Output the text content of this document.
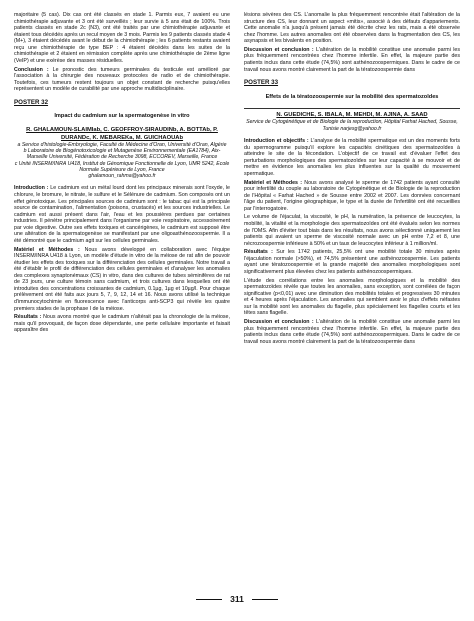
majoritaire (5 cas). Dix cas ont été classés en stade 1. Parmis eux, 7 avaient eu une chimiothérapie adjuvante et 3 ont été surveillés ; leur survie à 5 ans était de 100%. Trois patients classés en stade 2c (N3), ont été traités par une chimiothérapie adjuvante et étaient tous décédés après un recul moyen de 3 mois. Parmis les 9 patients classés stade 4 (M+), 3 étaient décédés avant le début de la chimiothérapie ; les 6 patients restants avaient reçu une chimiothérapie de type BEP : 4 étaient décédés dans les suites de la chimiothérapie et 2 étaient en rémission complète après une chimiothérapie de 2ème ligne (VeIP) et une exérèse des masses résiduelles.

Conclusion : Le pronostic des tumeurs germinales du testicule est amélioré par l'association à la chirurgie des nouveaux protocoles de radio et de chimiothérapie. Toutefois, ces tumeurs restent toujours un objet constant de recherche puisqu'elles représentent un modèle de curabilité par une approche multidisciplinaire.

POSTER 32
Impact du cadmium sur la spermatogenèse in vitro
R. GHALAMOUN-SLAIMIab, C. GEOFFROY-SIRAUDINb, A. BOTTAb, P. DURANDc, K. MEBAREKa, M. GUICHAOUAb

a Service d'histologie-Embryologie, Faculté de Médecine d'Oran, Université d'Oran, Algérie

b Laboratoire de Biogénotoxicologie et Mutagenèse Environnementale (EA1784), Aix-Marseille Université, Fédération de Recherche 3098, ECCOREV, Marseille, France

c Unité INSERM/INRA U418, Institut de Génomique Fonctionnelle de Lyon, UMR 5242, Ecole Normale Supérieure de Lyon, France

ghalamoun_rahma@yahoo.fr

Introduction : Le cadmium est un métal lourd dont les principaux minerais sont l'oxyde, le chlorure, le bromure, le nitrate, le sulfure et le Sélénure de cadmium. Son composés ont un effet génotoxique. Les principales sources de cadmium sont : le tabac qui est la principale source de contamination, l'alimentation (poisons, crustacés) et les sources industrielles. Le cadmium est aussi présent dans l'air, l'eau et les poussières perdues par certaines industries. Il pénètre principalement dans l'organisme par voie respiratoire, accessoirement par voie digestive. Outre ses effets toxiques et cancérigènes, le cadmium est supposé être une altération de la spermatogenèse se manifestant par une oligoasthénozoospermie. Il a été démontré que le cadmium agit sur les cellules germinales.

Matériel et Méthodes : Nous avons développé en collaboration avec l'équipe INSERM/INRA U418 à Lyon, un modèle d'étude in vitro de la méiose de rat afin de pouvoir étudier les effets des toxiques sur la différenciation des cellules germinales. Notre travail a été d'établir le profil de différenciation des cellules germinales et d'analyser les anomalies des complexes synaptonémaux (CS) in vitro, dans des cultures de tubes séminifères de rat de 23 jours, une culture témoin sans cadmium, et trois cultures dans lesquelles ont été introduites des concentrations croissantes de cadmium, 0.1µg, 1µg et 10µg/l. Pour chaque prélèvement ont été faits aux jours 5, 7, 9, 12, 14 et 16. Nous avons utilisé la technique d'immunocytochimie en fluorescence avec l'anticorps anti-SCP3 qui révèle les quatre premiers stades de la prophase I de la méiose.

Résultats : Nous avons montré que le cadmium n'altérait pas la chronologie de la méiose, mais qu'il provoquait, de façon dose dépendante, une perte cellulaire importante et faisait apparaître des

lésions sévères des CS. L'anomalie la plus fréquemment rencontrée était l'altération de la structure des CS, leur donnant un aspect «mitis», associé à des défauts d'appariements. Cette anomalie n'a jusqu'à présent jamais été décrite chez les rats, mais a été observée chez l'homme. Les autres anomalies ont été observées dans la fragmentation des CS, les asynapsis et les bivalents en position.

Discussion et conclusion : L'altération de la mobilité constitue une anomalie parmi les plus fréquemment rencontrées chez l'homme infertile. En effet, la majeure partie des patients inclus dans cette étude (74,5%) sont asthénozoospermiques. Dans le cadre de ce travail nous avons montré clairement la part de la tératozoospermie dans

POSTER 33
Effets de la tératozoospermie sur la mobilité des spermatozoïdes
N. GUEDICHE, S. IBALA, M. MEHDI, M. AJINA, A. SAAD

Service de Cytogénétique et de Biologie de la reproduction, Hôpital Farhat Hached, Sousse, Tunisie narjesg@yahoo.fr

Introduction et objectifs : L'analyse de la mobilité spermatique est un des moments forts du spermogramme puisqu'il explore les capacités cinétiques des spermatozoïdes à atteindre le site de la fécondation. L'objectif de ce travail est d'évaluer l'effet des perturbations morphologiques des spermatozoïdes sur leur capacité à se mouvoir et de mettre en évidence les anomalies les plus influentes sur la qualité du mouvement spermatique.

Matériel et Méthodes : Nous avons analysé le sperme de 1742 patients ayant consulté pour infertilité du couple au laboratoire de Cytogénétique et de Biologie de la reproduction de l'Hôpital « Farhat Hached » de Sousse entre 2002 et 2007. Les données concernant l'âge du patient, l'origine géographique, le type et la durée de l'infertilité ont été recueillies par l'interrogatoire.

Le volume de l'éjaculat, la viscosité, le pH, la numération, la présence de leucocytes, la mobilité, la vitalité et la morphologie des spermatozoïdes ont été évalués selon les normes de l'OMS. Afin d'éviter tout biais dans les résultats, nous avons sélectionné uniquement les patients qui avaient un sperme de viscosité normale avec un pH entre 7,2 et 8, une nécrozoospermie inférieure à 50% et un taux de leucocytes inférieur à 1 million/ml.

Résultats : Sur les 1742 patients, 25,5% ont une mobilité totale 30 minutes après l'éjaculation normale (>50%), et 74,5% présentent une asthénozoospermie. Les patients ayant une tératozoospermie et la grande majorité des anomalies morphologiques sont significativement plus élevées chez les patients asthénozoospermiques.

L'étude des corrélations entre les anomalies morphologiques et la mobilité des spermatozoïdes révèle que toutes les anomalies, sans exception, sont corrélées de façon significative (p<0,01) avec une diminution des mobilités totales et progressives 30 minutes et 4 heures après l'éjaculation. Les anomalies qui semblent avoir le plus d'effets néfastes sur la mobilité sont les anomalies du flagelle, plus spécialement les flagelles courts et les têtes sans flagelle.

Discussion et conclusion : L'altération de la mobilité constitue une anomalie parmi les plus fréquemment rencontrées chez l'homme infertile. En effet, la majeure partie des patients inclus dans cette étude (74,5%) sont asthénozoospermiques. Dans le cadre de ce travail nous avons montré clairement la part de la tératozoospermie dans

311
